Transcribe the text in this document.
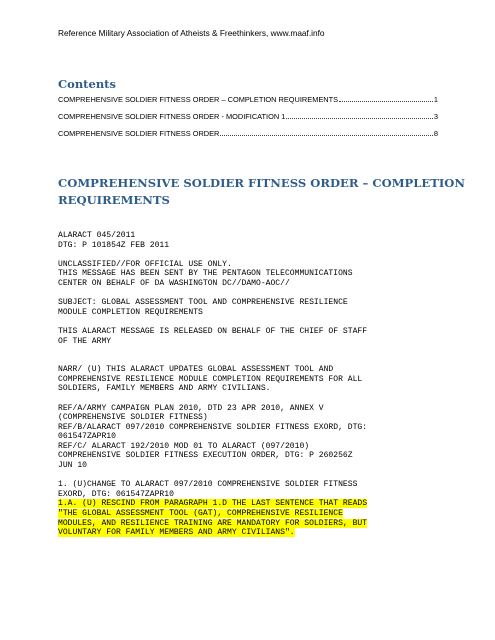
Reference Military Association of Atheists & Freethinkers, www.maaf.info
Contents
COMPREHENSIVE SOLDIER FITNESS ORDER – COMPLETION REQUIREMENTS	1
COMPREHENSIVE SOLDIER FITNESS ORDER - MODIFICATION 1	3
COMPREHENSIVE SOLDIER FITNESS ORDER	8
COMPREHENSIVE SOLDIER FITNESS ORDER – COMPLETION
REQUIREMENTS
ALARACT 045/2011
DTG: P 101854Z FEB 2011
UNCLASSIFIED//FOR OFFICIAL USE ONLY.
THIS MESSAGE HAS BEEN SENT BY THE PENTAGON TELECOMMUNICATIONS
CENTER ON BEHALF OF DA WASHINGTON DC//DAMO-AOC//
SUBJECT: GLOBAL ASSESSMENT TOOL AND COMPREHENSIVE RESILIENCE
MODULE COMPLETION REQUIREMENTS
THIS ALARACT MESSAGE IS RELEASED ON BEHALF OF THE CHIEF OF STAFF
OF THE ARMY
NARR/ (U) THIS ALARACT UPDATES GLOBAL ASSESSMENT TOOL AND
COMPREHENSIVE RESILIENCE MODULE COMPLETION REQUIREMENTS FOR ALL
SOLDIERS, FAMILY MEMBERS AND ARMY CIVILIANS.
REF/A/ARMY CAMPAIGN PLAN 2010, DTD 23 APR 2010, ANNEX V
(COMPREHENSIVE SOLDIER FITNESS)
REF/B/ALARACT 097/2010 COMPREHENSIVE SOLDIER FITNESS EXORD, DTG:
061547ZAPR10
REF/C/ ALARACT 192/2010 MOD 01 TO ALARACT (097/2010)
COMPREHENSIVE SOLDIER FITNESS EXECUTION ORDER, DTG: P 260256Z
JUN 10
1. (U)CHANGE TO ALARACT 097/2010 COMPREHENSIVE SOLDIER FITNESS
EXORD, DTG: 061547ZAPR10
1.A. (U) RESCIND FROM PARAGRAPH 1.D THE LAST SENTENCE THAT READS
"THE GLOBAL ASSESSMENT TOOL (GAT), COMPREHENSIVE RESILIENCE
MODULES, AND RESILIENCE TRAINING ARE MANDATORY FOR SOLDIERS, BUT
VOLUNTARY FOR FAMILY MEMBERS AND ARMY CIVILIANS".
